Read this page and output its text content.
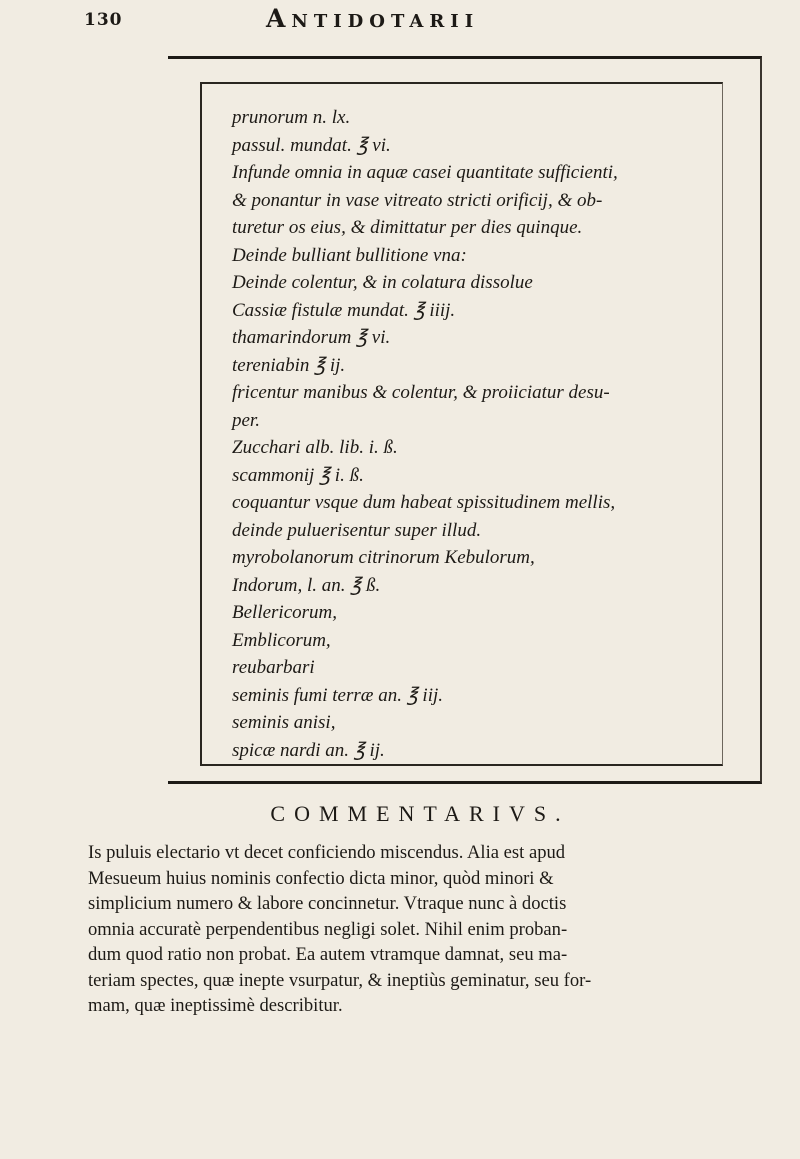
130	Antidotarii
prunorum n. lx.
passul. mundat. ℥ vi.
Infunde omnia in aquæ casei quantitate sufficienti,
& ponantur in vase vitreato stricti orificij, & ob-
turetur os eius, & dimittatur per dies quinque.
Deinde bulliant bullitione vna:
Deinde colentur, & in colatura dissolue
Cassiæ fistulæ mundat. ℥ iiij.
thamarindorum ℥ vi.
tereniabin ℥ ij.
fricentur manibus & colentur, & proiiciatur desu-
per.
Zucchari alb. lib. i. ß.
scammonij ℥ i. ß.
coquantur vsque dum habeat spissitudinem mellis,
deinde puluerisentur super illud.
myrobolanorum citrinorum Kebulorum,
Indorum, l. an. ℥ ß.
Bellericorum,
Emblicorum,
reubarbari
seminis fumi terræ an. ℥ iij.
seminis anisi,
spicæ nardi an. ℥ ij.
COMMENTARIVS.
Is puluis electario vt decet conficiendo miscendus. Alia est apud
Mesueum huius nominis confectio dicta minor, quòd minori &
simplicium numero & labore concinnetur. Vtraque nunc à doctis
omnia accuratè perpendentibus negligi solet. Nihil enim proban-
dum quod ratio non probat. Ea autem vtramque damnat, seu ma-
teriam spectes, quæ inepte vsurpatur, & ineptiùs geminatur, seu for-
mam, quæ ineptissimè describitur.
